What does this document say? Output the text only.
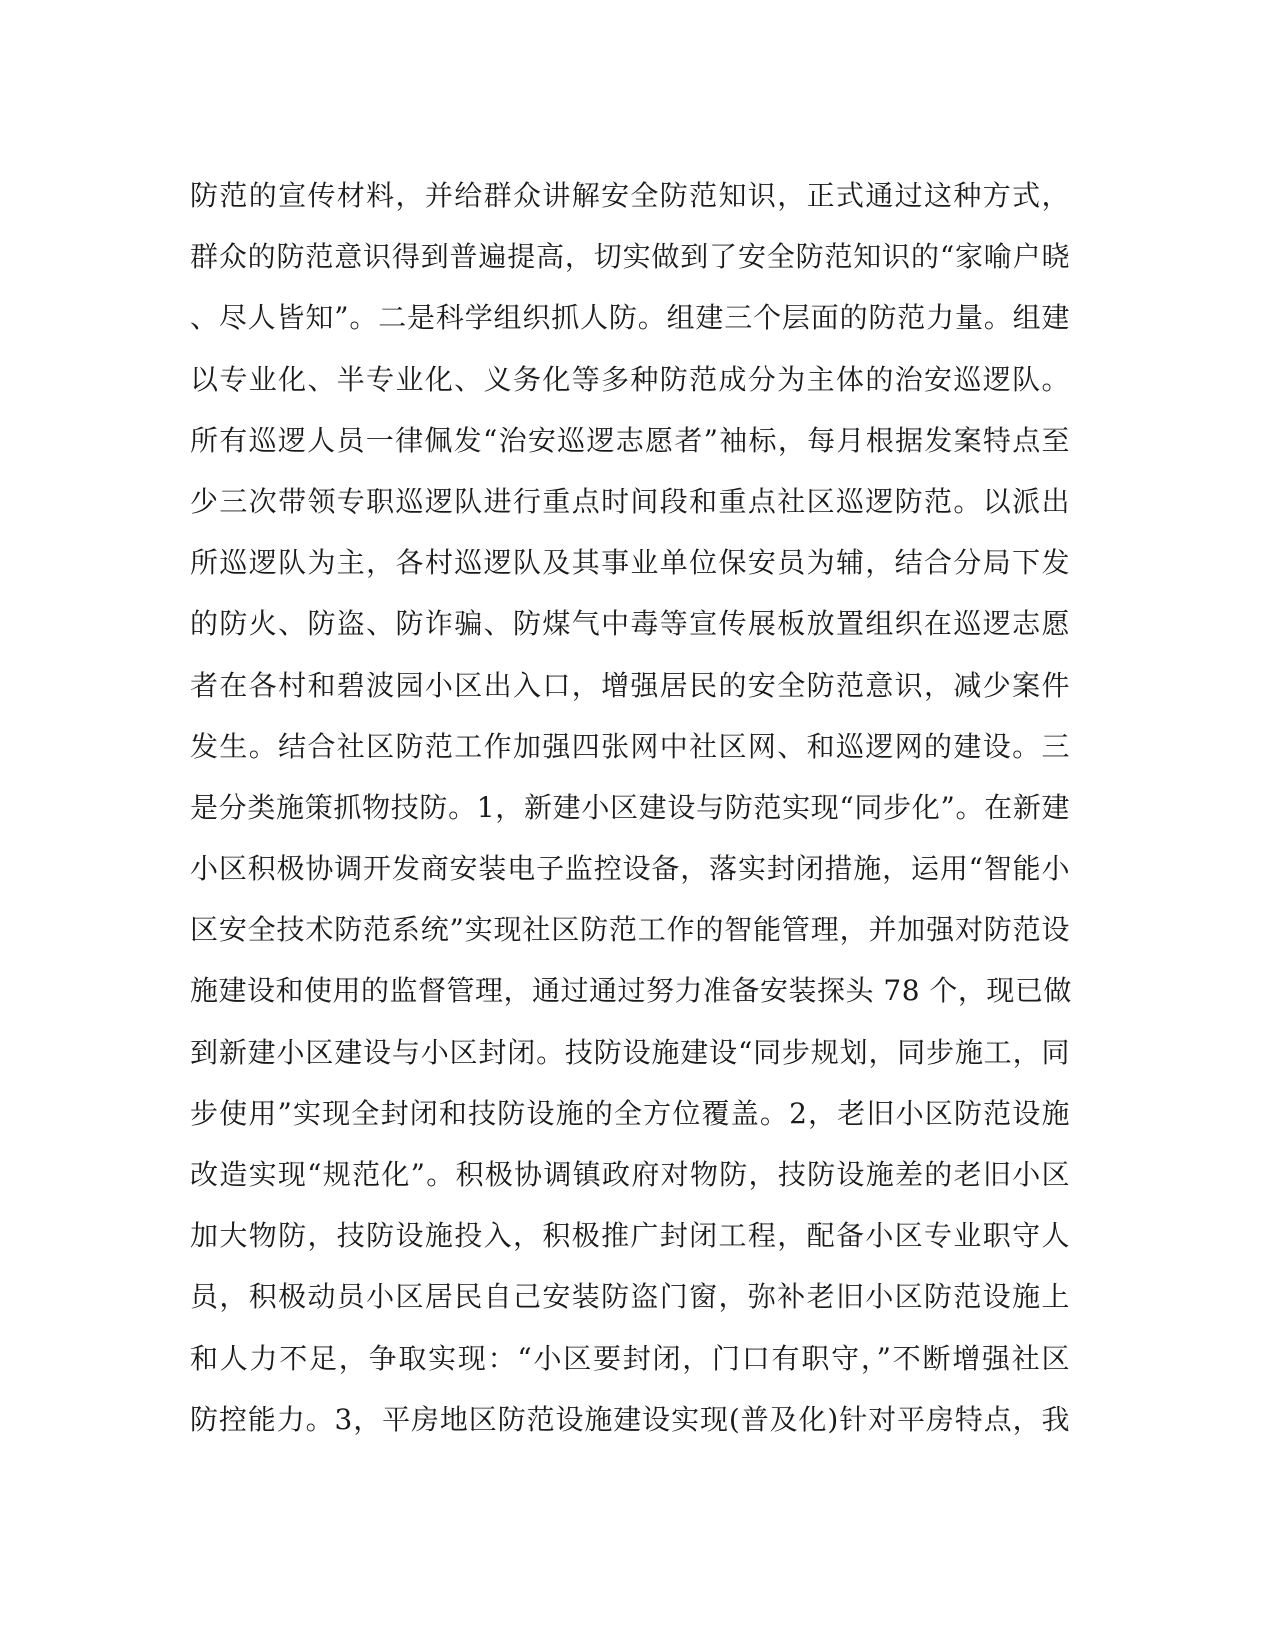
防范的宣传材料，并给群众讲解安全防范知识，正式通过这种方式，
群众的防范意识得到普遍提高，切实做到了安全防范知识的“家喻户晓
、尽人皆知”。二是科学组织抓人防。组建三个层面的防范力量。组建
以专业化、半专业化、义务化等多种防范成分为主体的治安巡逻队。
所有巡逻人员一律佩发“治安巡逻志愿者”袖标，每月根据发案特点至
少三次带领专职巡逻队进行重点时间段和重点社区巡逻防范。以派出
所巡逻队为主，各村巡逻队及其事业单位保安员为辅，结合分局下发
的防火、防盗、防诈骗、防煤气中毒等宣传展板放置组织在巡逻志愿
者在各村和碧波园小区出入口，增强居民的安全防范意识，减少案件
发生。结合社区防范工作加强四张网中社区网、和巡逻网的建设。三
是分类施策抓物技防。1，新建小区建设与防范实现“同步化”。在新建
小区积极协调开发商安装电子监控设备，落实封闭措施，运用“智能小
区安全技术防范系统”实现社区防范工作的智能管理，并加强对防范设
施建设和使用的监督管理，通过通过努力准备安装探头 78 个，现已做
到新建小区建设与小区封闭。技防设施建设“同步规划，同步施工，同
步使用”实现全封闭和技防设施的全方位覆盖。2，老旧小区防范设施
改造实现“规范化”。积极协调镇政府对物防，技防设施差的老旧小区
加大物防，技防设施投入，积极推广封闭工程，配备小区专业职守人
员，积极动员小区居民自己安装防盗门窗，弥补老旧小区防范设施上
和人力不足，争取实现：“小区要封闭，门口有职守，”不断增强社区
防控能力。3，平房地区防范设施建设实现(普及化)针对平房特点，我
